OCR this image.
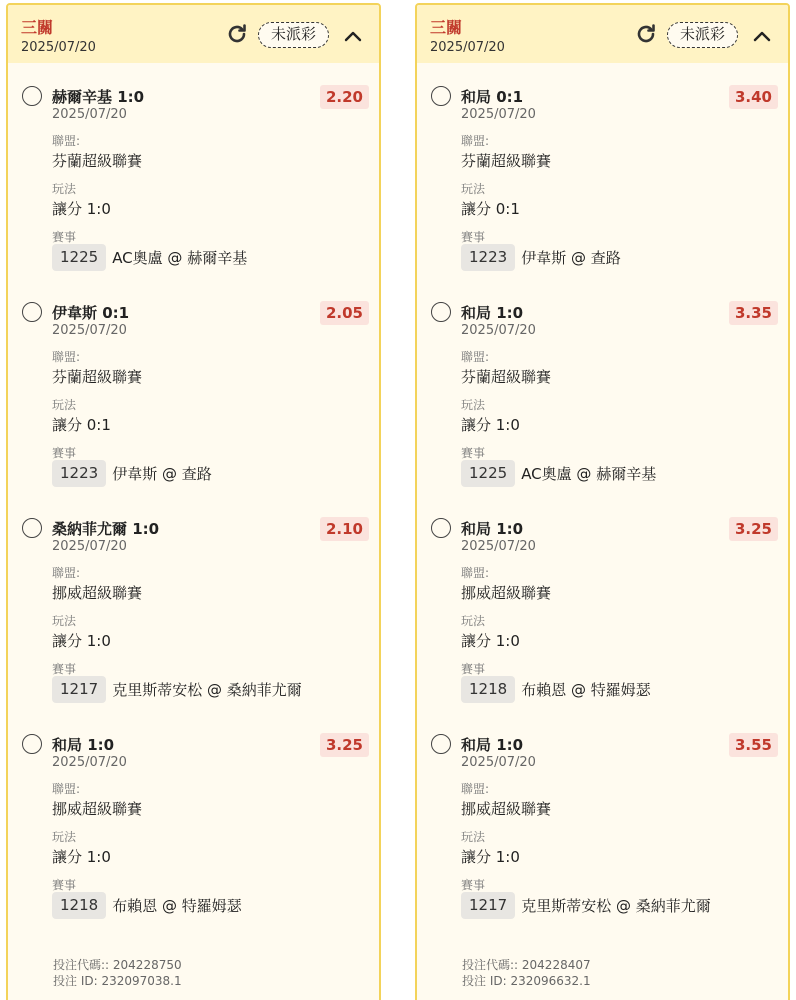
三關
2025/07/20
未派彩
赫爾辛基 1:0	2.20
2025/07/20
聯盟:
芬蘭超級聯賽
玩法
讓分 1:0
賽事
1225 AC奧盧 @ 赫爾辛基
伊韋斯 0:1	2.05
2025/07/20
聯盟:
芬蘭超級聯賽
玩法
讓分 0:1
賽事
1223 伊韋斯 @ 查路
桑納菲尤爾 1:0	2.10
2025/07/20
聯盟:
挪威超級聯賽
玩法
讓分 1:0
賽事
1217 克里斯蒂安松 @ 桑納菲尤爾
和局 1:0	3.25
2025/07/20
聯盟:
挪威超級聯賽
玩法
讓分 1:0
賽事
1218 布賴恩 @ 特羅姆瑟
投注代碼:: 204228750
投注 ID: 232097038.1
三關
2025/07/20
未派彩
和局 0:1	3.40
2025/07/20
聯盟:
芬蘭超級聯賽
玩法
讓分 0:1
賽事
1223 伊韋斯 @ 查路
和局 1:0	3.35
2025/07/20
聯盟:
芬蘭超級聯賽
玩法
讓分 1:0
賽事
1225 AC奧盧 @ 赫爾辛基
和局 1:0	3.25
2025/07/20
聯盟:
挪威超級聯賽
玩法
讓分 1:0
賽事
1218 布賴恩 @ 特羅姆瑟
和局 1:0	3.55
2025/07/20
聯盟:
挪威超級聯賽
玩法
讓分 1:0
賽事
1217 克里斯蒂安松 @ 桑納菲尤爾
投注代碼:: 204228407
投注 ID: 232096632.1
